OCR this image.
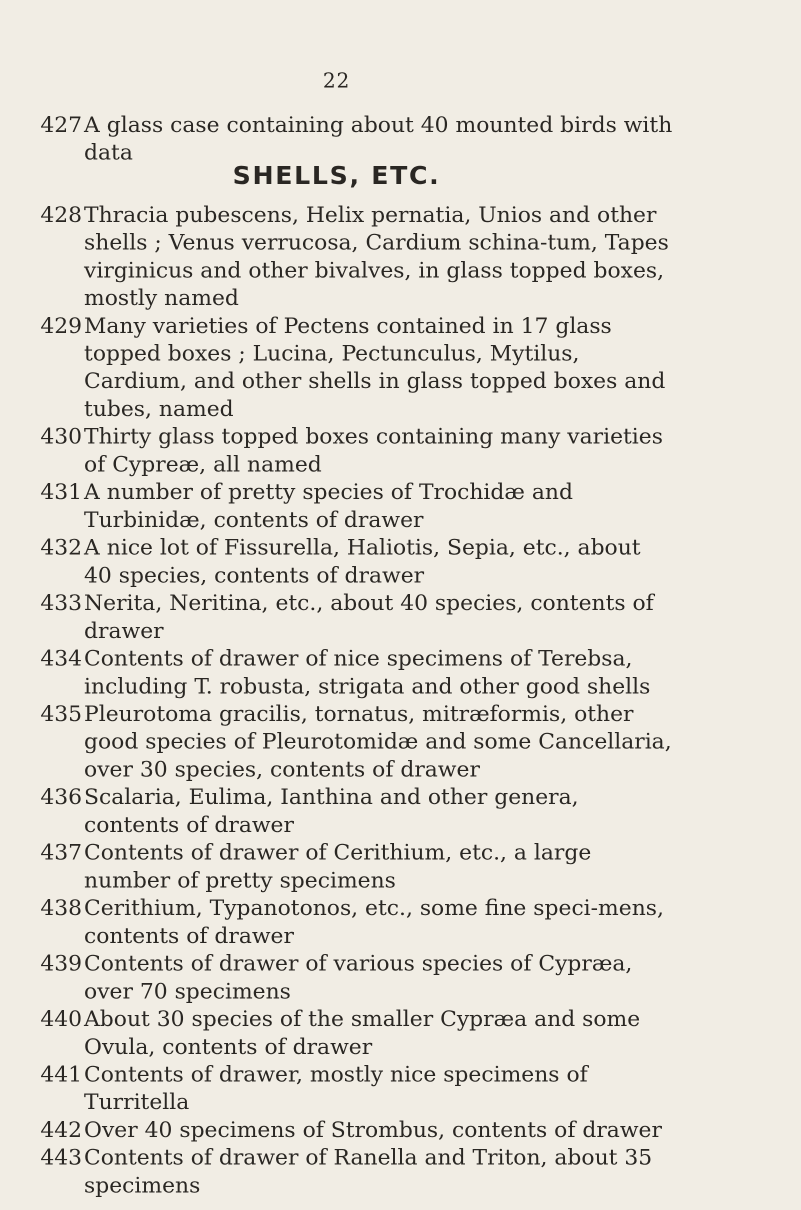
22
SHELLS, ETC.
427 A glass case containing about 40 mounted birds with data
428 Thracia pubescens, Helix pernatia, Unios and other shells ; Venus verrucosa, Cardium schina-tum, Tapes virginicus and other bivalves, in glass topped boxes, mostly named
429 Many varieties of Pectens contained in 17 glass topped boxes ; Lucina, Pectunculus, Mytilus, Cardium, and other shells in glass topped boxes and tubes, named
430 Thirty glass topped boxes containing many varieties of Cypreæ, all named
431 A number of pretty species of Trochidæ and Turbinidæ, contents of drawer
432 A nice lot of Fissurella, Haliotis, Sepia, etc., about 40 species, contents of drawer
433 Nerita, Neritina, etc., about 40 species, contents of drawer
434 Contents of drawer of nice specimens of Terebsa, including T. robusta, strigata and other good shells
435 Pleurotoma gracilis, tornatus, mitræformis, other good species of Pleurotomidæ and some Cancellaria, over 30 species, contents of drawer
436 Scalaria, Eulima, Ianthina and other genera, contents of drawer
437 Contents of drawer of Cerithium, etc., a large number of pretty specimens
438 Cerithium, Typanotonos, etc., some fine speci-mens, contents of drawer
439 Contents of drawer of various species of Cypræa, over 70 specimens
440 About 30 species of the smaller Cypræa and some Ovula, contents of drawer
441 Contents of drawer, mostly nice specimens of Turritella
442 Over 40 specimens of Strombus, contents of drawer
443 Contents of drawer of Ranella and Triton, about 35 specimens
